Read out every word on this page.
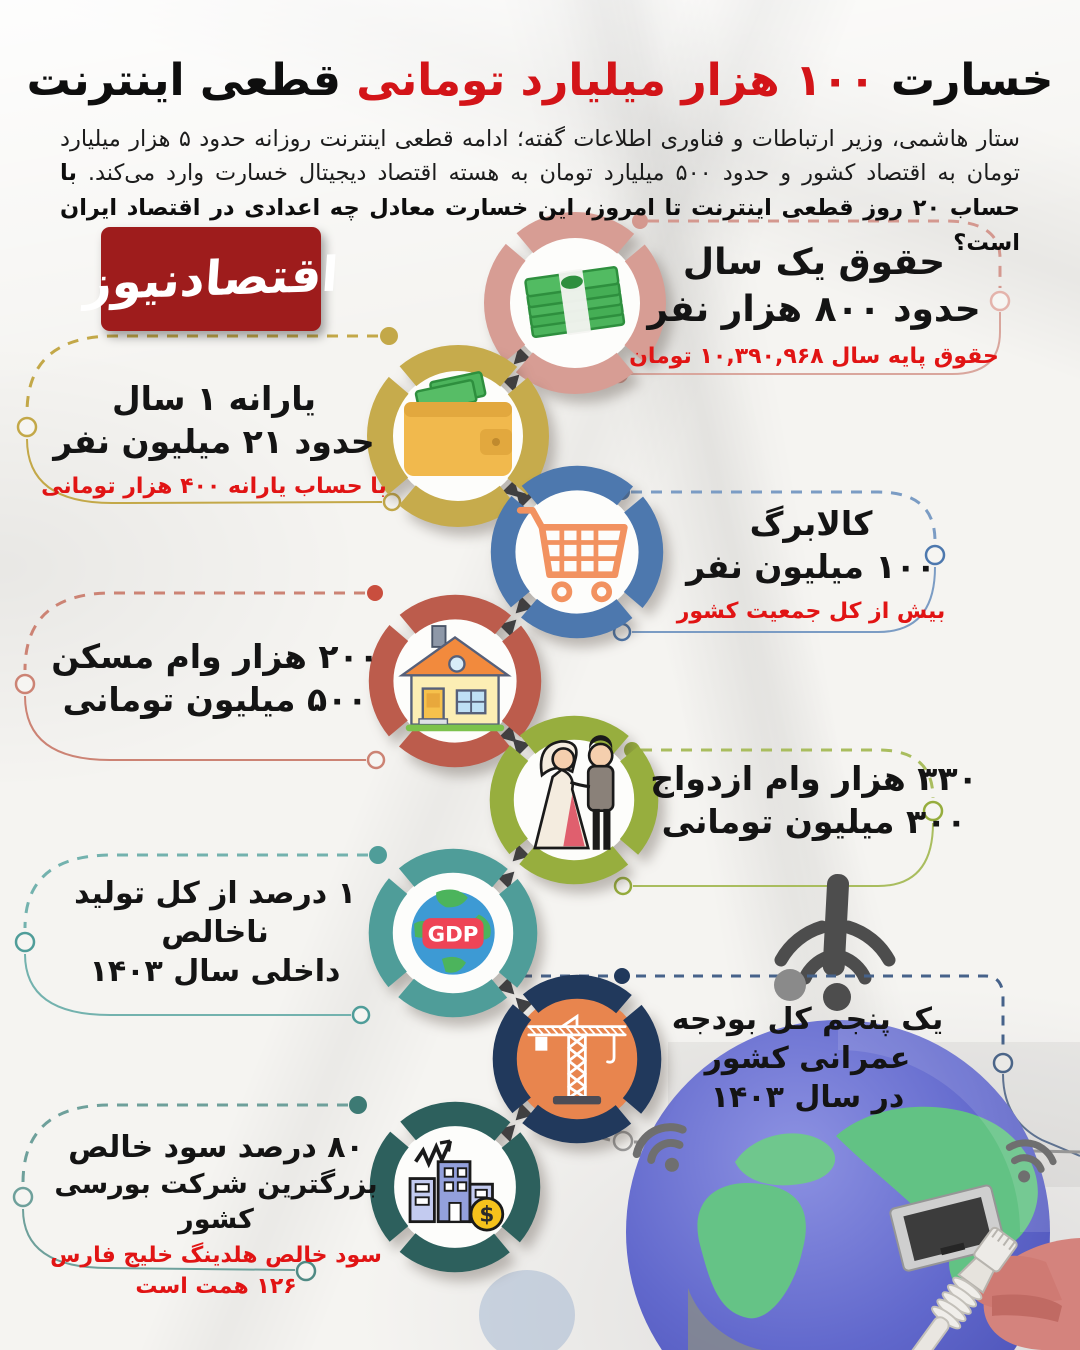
خسارت ۱۰۰ هزار میلیارد تومانی قطعی اینترنت

ستار هاشمی، وزیر ارتباطات و فناوری اطلاعات گفته؛ ادامه قطعی اینترنت روزانه حدود ۵ هزار میلیارد تومان به اقتصاد کشور و حدود ۵۰۰ میلیارد تومان به هسته اقتصاد دیجیتال خسارت وارد می‌کند. با حساب ۲۰ روز قطعی اینترنت تا امروز، این خسارت معادل چه اعدادی در اقتصاد ایران است؟

اقتصادنیوز
GDP
$
حقوق یک سال
حدود ۸۰۰ هزار نفر
حقوق پایه سال ۱۰,۳۹۰,۹۶۸ تومان
یارانه ۱ سال
حدود ۲۱ میلیون نفر
با حساب یارانه ۴۰۰ هزار تومانی
کالابرگ
۱۰۰ میلیون نفر
بیش از کل جمعیت کشور
۲۰۰ هزار وام مسکن
۵۰۰ میلیون تومانی
۳۳۰ هزار وام ازدواج
۳۰۰ میلیون تومانی
۱ درصد از کل تولید
ناخالص
داخلی سال ۱۴۰۳
یک پنجم کل بودجه
عمرانی کشور
در سال ۱۴۰۳
۸۰ درصد سود خالص
بزرگترین شرکت بورسی کشور
سود خالص هلدینگ خلیج فارس
۱۲۶ همت است
